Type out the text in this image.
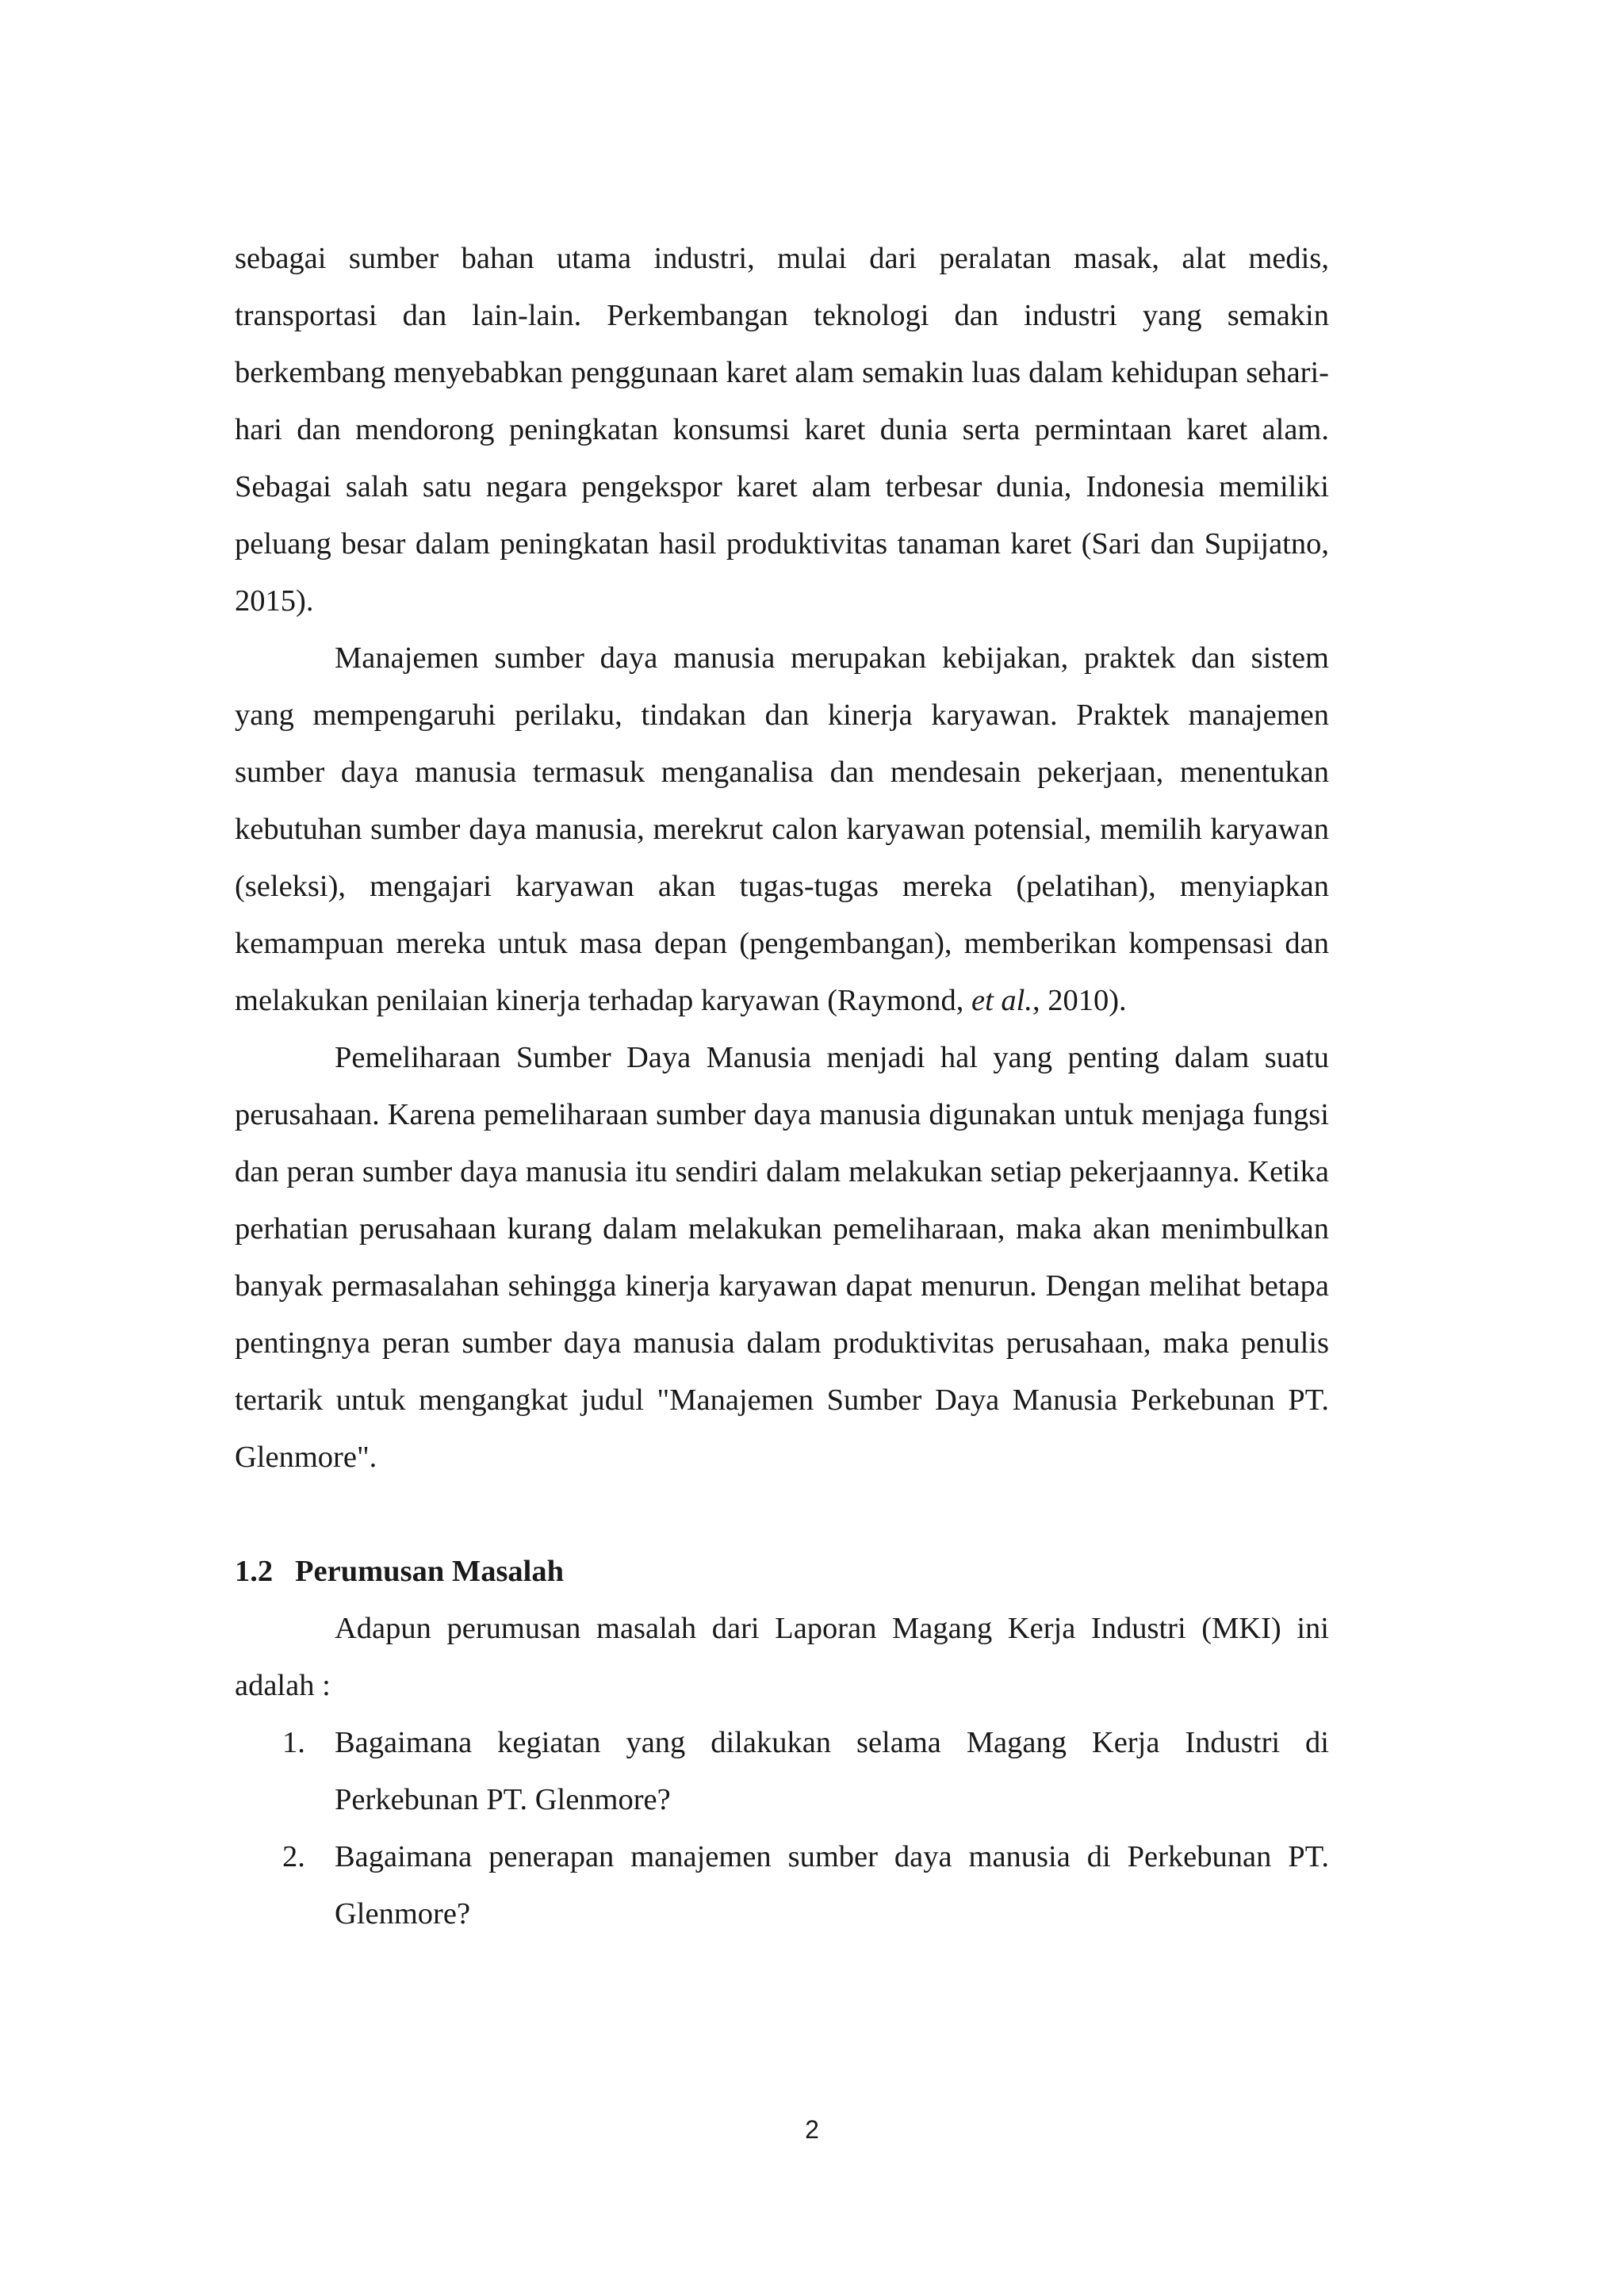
sebagai sumber bahan utama industri, mulai dari peralatan masak, alat medis, transportasi dan lain-lain. Perkembangan teknologi dan industri yang semakin berkembang menyebabkan penggunaan karet alam semakin luas dalam kehidupan sehari-hari dan mendorong peningkatan konsumsi karet dunia serta permintaan karet alam. Sebagai salah satu negara pengekspor karet alam terbesar dunia, Indonesia memiliki peluang besar dalam peningkatan hasil produktivitas tanaman karet (Sari dan Supijatno, 2015).

Manajemen sumber daya manusia merupakan kebijakan, praktek dan sistem yang mempengaruhi perilaku, tindakan dan kinerja karyawan. Praktek manajemen sumber daya manusia termasuk menganalisa dan mendesain pekerjaan, menentukan kebutuhan sumber daya manusia, merekrut calon karyawan potensial, memilih karyawan (seleksi), mengajari karyawan akan tugas-tugas mereka (pelatihan), menyiapkan kemampuan mereka untuk masa depan (pengembangan), memberikan kompensasi dan melakukan penilaian kinerja terhadap karyawan (Raymond, et al., 2010).

Pemeliharaan Sumber Daya Manusia menjadi hal yang penting dalam suatu perusahaan. Karena pemeliharaan sumber daya manusia digunakan untuk menjaga fungsi dan peran sumber daya manusia itu sendiri dalam melakukan setiap pekerjaannya. Ketika perhatian perusahaan kurang dalam melakukan pemeliharaan, maka akan menimbulkan banyak permasalahan sehingga kinerja karyawan dapat menurun. Dengan melihat betapa pentingnya peran sumber daya manusia dalam produktivitas perusahaan, maka penulis tertarik untuk mengangkat judul "Manajemen Sumber Daya Manusia Perkebunan PT. Glenmore".

1.2 Perumusan Masalah

Adapun perumusan masalah dari Laporan Magang Kerja Industri (MKI) ini adalah :

1. Bagaimana kegiatan yang dilakukan selama Magang Kerja Industri di Perkebunan PT. Glenmore?
2. Bagaimana penerapan manajemen sumber daya manusia di Perkebunan PT. Glenmore?
2
